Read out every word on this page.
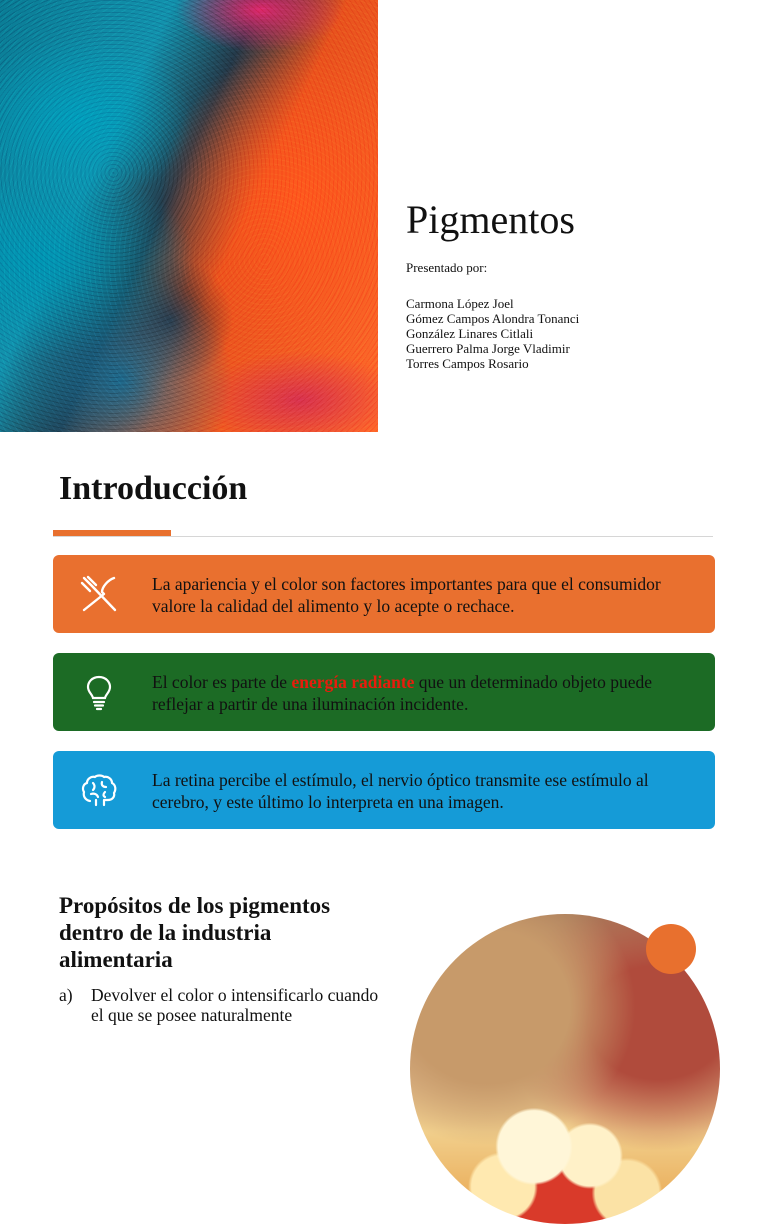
Pigmentos

Presentado por:

Carmona López Joel
Gómez Campos Alondra Tonanci
González Linares Citlali
Guerrero Palma Jorge Vladimir
Torres Campos Rosario
Introducción

La apariencia y el color son factores importantes para que el consumidor valore la calidad del alimento y lo acepte o rechace.

El color es parte de energía radiante que un determinado objeto puede reflejar a partir de una iluminación incidente.

La retina percibe el estímulo, el nervio óptico transmite ese estímulo al cerebro, y este último lo interpreta en una imagen.

Propósitos de los pigmentos dentro de la industria alimentaria

a) Devolver el color o intensificarlo cuando el que se posee naturalmente
